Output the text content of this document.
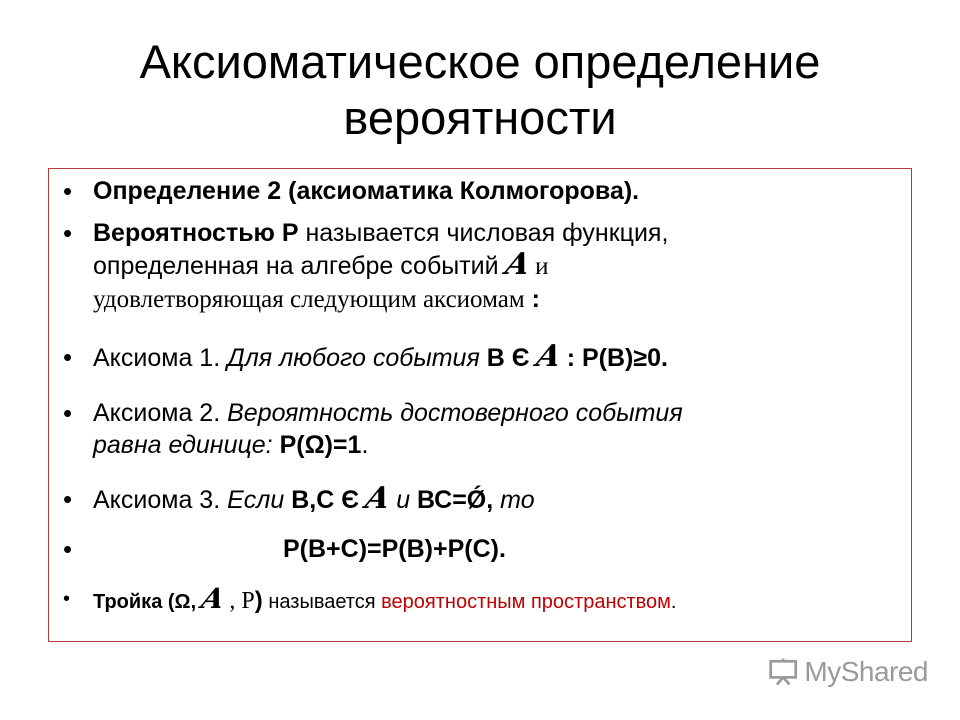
Аксиоматическое определение
вероятности
• Определение 2 (аксиоматика Колмогорова).
• Вероятностью Р называется числовая функция,
определенная на алгебре событий A и
удовлетворяющая следующим аксиомам :
• Аксиома 1. Для любого события В Є A : Р(В)≥0.
• Аксиома 2. Вероятность достоверного события
равна единице: Р(Ω)=1.
• Аксиома 3. Если В,С Є A и ВС=Ǿ, то
•	Р(В+С)=Р(В)+Р(С).
• Тройка (Ω, A , Р) называется вероятностным пространством.
MyShared
